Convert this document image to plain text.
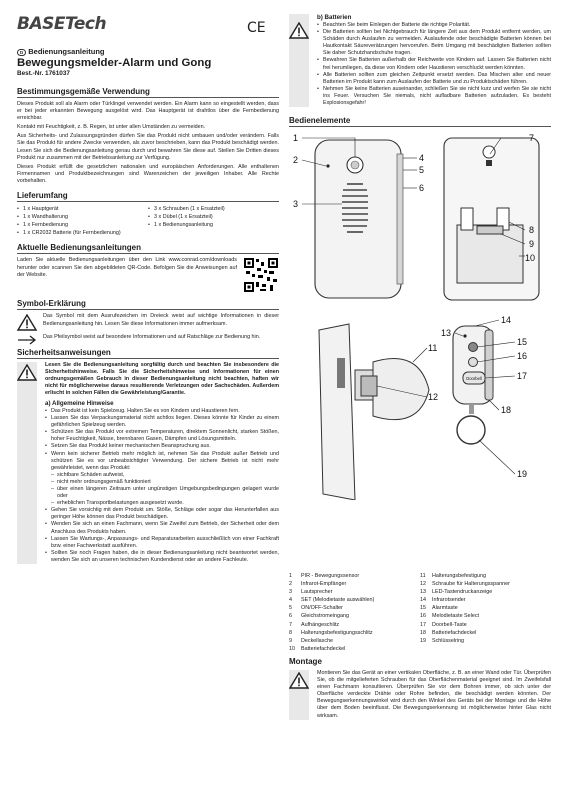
BASETech	CE
D Bedienungsanleitung
Bewegungsmelder-Alarm und Gong
Best.-Nr. 1761037
Bestimmungsgemäße Verwendung

Dieses Produkt soll als Alarm oder Türklingel verwendet werden. Ein Alarm kann so eingestellt werden, dass er bei jeder erkannten Bewegung ausgelöst wird. Das Hauptgerät ist drahtlos über die Fernbedienung erreichbar.

Kontakt mit Feuchtigkeit, z. B. Regen, ist unter allen Umständen zu vermeiden.

Aus Sicherheits- und Zulassungsgründen dürfen Sie das Produkt nicht umbauen und/oder verändern. Falls Sie das Produkt für andere Zwecke verwenden, als zuvor beschrieben, kann das Produkt beschädigt werden. Lesen Sie sich die Bedienungsanleitung genau durch und bewahren Sie diese auf. Stellen Sie Dritten dieses Produkt nur zusammen mit der Betriebsanleitung zur Verfügung.

Dieses Produkt erfüllt die gesetzlichen nationalen und europäischen Anforderungen. Alle enthaltenen Firmennamen und Produktbezeichnungen sind Warenzeichen der jeweiligen Inhaber. Alle Rechte vorbehalten.

Lieferumfang
• 1 x Hauptgerät	• 3 x Schrauben (1 x Ersatzteil)
• 1 x Wandhalterung	• 3 x Dübel (1 x Ersatzteil)
• 1 x Fernbedienung	• 1 x Bedienungsanleitung
• 1 x CR2032 Batterie (für Fernbedienung)
Aktuelle Bedienungsanleitungen

Laden Sie aktuelle Bedienungsanleitungen über den Link www.conrad.com/downloads herunter oder scannen Sie den abgebildeten QR-Code. Befolgen Sie die Anweisungen auf der Website.

Symbol-Erklärung

Das Symbol mit dem Ausrufezeichen im Dreieck weist auf wichtige Informationen in dieser Bedienungsanleitung hin. Lesen Sie diese Informationen immer aufmerksam.

Das Pfeilsymbol weist auf besondere Informationen und auf Ratschläge zur Bedienung hin.

Sicherheitsanweisungen

Lesen Sie die Bedienungsanleitung sorgfältig durch und beachten Sie insbesondere die Sicherheitshinweise. Falls Sie die Sicherheitshinweise und Informationen für einen ordnungsgemäßen Gebrauch in dieser Bedienungsanleitung nicht beachten, haften wir nicht für möglicherweise daraus resultierende Verletzungen oder Sachschäden. Außerdem erlischt in solchen Fällen die Gewährleistung/Garantie.

a) Allgemeine Hinweise
• Das Produkt ist kein Spielzeug. Halten Sie es von Kindern und Haustieren fern.
• Lassen Sie das Verpackungsmaterial nicht achtlos liegen. Dieses könnte für Kinder zu einem gefährlichen Spielzeug werden.
• Schützen Sie das Produkt vor extremen Temperaturen, direktem Sonnenlicht, starken Stößen, hoher Feuchtigkeit, Nässe, brennbaren Gasen, Dämpfen und Lösungsmitteln.
• Setzen Sie das Produkt keiner mechanischen Beanspruchung aus.
• Wenn kein sicherer Betrieb mehr möglich ist, nehmen Sie das Produkt außer Betrieb und schützen Sie es vor unbeabsichtigter Verwendung. Der sichere Betrieb ist nicht mehr gewährleistet, wenn das Produkt:
– sichtbare Schäden aufweist,
– nicht mehr ordnungsgemäß funktioniert
– über einen längeren Zeitraum unter ungünstigen Umgebungsbedingungen gelagert wurde oder
– erheblichen Transportbelastungen ausgesetzt wurde.
• Gehen Sie vorsichtig mit dem Produkt um. Stöße, Schläge oder sogar das Herunterfallen aus geringer Höhe können das Produkt beschädigen.
• Wenden Sie sich an einen Fachmann, wenn Sie Zweifel zum Betrieb, der Sicherheit oder dem Anschluss des Produkts haben.
• Lassen Sie Wartungs-, Anpassungs- und Reparaturarbeiten ausschließlich von einer Fachkraft bzw. einer Fachwerkstatt ausführen.
• Sollten Sie noch Fragen haben, die in dieser Bedienungsanleitung nicht beantwortet werden, wenden Sie sich an unseren technischen Kundendienst oder an andere Fachleute.
b) Batterien
• Beachten Sie beim Einlegen der Batterie die richtige Polarität.
• Die Batterien sollten bei Nichtgebrauch für längere Zeit aus dem Produkt entfernt werden, um Schäden durch Auslaufen zu vermeiden. Auslaufende oder beschädigte Batterien können bei Hautkontakt Säureverätzungen hervorrufen. Beim Umgang mit beschädigten Batterien sollten Sie daher Schutzhandschuhe tragen.
• Bewahren Sie Batterien außerhalb der Reichweite von Kindern auf. Lassen Sie Batterien nicht frei herumliegen, da diese von Kindern oder Haustieren verschluckt werden könnten.
• Alle Batterien sollten zum gleichen Zeitpunkt ersetzt werden. Das Mischen alter und neuer Batterien im Produkt kann zum Auslaufen der Batterie und zu Produktschäden führen.
• Nehmen Sie keine Batterien auseinander, schließen Sie sie nicht kurz und werfen Sie sie nicht ins Feuer. Versuchen Sie niemals, nicht aufladbare Batterien aufzuladen. Es besteht Explosionsgefahr!
Bedienelemente
Doorbell
1
2
3
4
5
6
7
8
9
10
11
12
13
14
15
16
17
18
19
1 PIR - Bewegungssensor	11 Halterungsbefestigung
2 Infrarot-Empfänger	12 Schraube für Halterungsspanner
3 Lautsprecher	13 LED-Tastendruckanzeige
4 SET (Melodietaste auswählen)	14 Infrarotsender
5 ON/OFF-Schalter	15 Alarmtaste
6 Gleichstromeingang	16 Melodietaste Select
7 Aufhängeschlitz	17 Doorbell-Taste
8 Halterungsbefestigungsschlitz	18 Batteriefachdeckel
9 Deckellasche	19 Schlüsselring
10 Batteriefachdeckel
Montage

Montieren Sie das Gerät an einer vertikalen Oberfläche, z. B. an einer Wand oder Tür. Überprüfen Sie, ob die mitgelieferten Schrauben für das Oberflächenmaterial geeignet sind. Im Zweifelsfall einen Fachmann konsultieren. Überprüfen Sie vor dem Bohren immer, ob sich unter der Oberfläche verdeckte Drähte oder Rohre befinden, die beschädigt werden könnten. Der Bewegungserkennungswinkel wird durch den Winkel des Geräts bei der Montage und die Höhe über dem Boden beeinflusst. Die Bewegungserkennung ist möglicherweise hinter Glas nicht wirksam.
